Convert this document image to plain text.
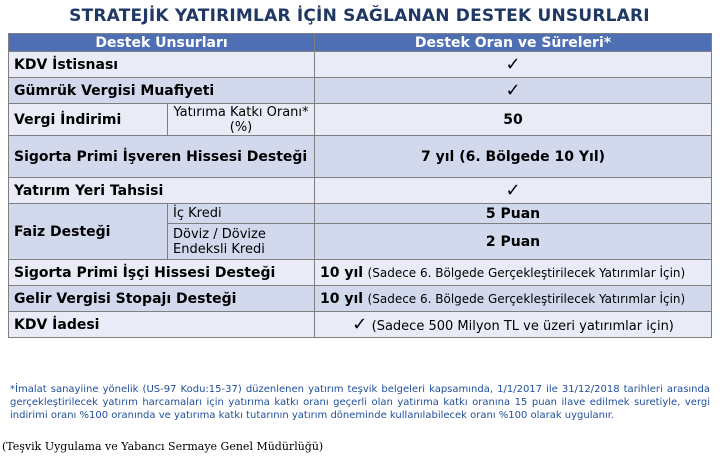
STRATEJİK YATIRIMLAR İÇİN SAĞLANAN DESTEK UNSURLARI
Destek Unsurları		Destek Oran ve Süreleri*
KDV İstisnası		✓
Gümrük Vergisi Muafiyeti		✓
Vergi İndirimi	Yatırıma Katkı Oranı* (%)	50
Sigorta Primi İşveren Hissesi Desteği		7 yıl (6. Bölgede 10 Yıl)
Yatırım Yeri Tahsisi		✓
Faiz Desteği	İç Kredi	5 Puan
	Döviz / Dövize Endeksli Kredi	2 Puan
Sigorta Primi İşçi Hissesi Desteği		10 yıl (Sadece 6. Bölgede Gerçekleştirilecek Yatırımlar İçin)
Gelir Vergisi Stopajı Desteği		10 yıl (Sadece 6. Bölgede Gerçekleştirilecek Yatırımlar İçin)
KDV İadesi		✓ (Sadece 500 Milyon TL ve üzeri yatırımlar için)
*İmalat sanayiine yönelik (US-97 Kodu:15-37) düzenlenen yatırım teşvik belgeleri kapsamında, 1/1/2017 ile 31/12/2018 tarihleri arasında gerçekleştirilecek yatırım harcamaları için yatırıma katkı oranı geçerli olan yatırıma katkı oranına 15 puan ilave edilmek suretiyle, vergi indirimi oranı %100 oranında ve yatırıma katkı tutarının yatırım döneminde kullanılabilecek oranı %100 olarak uygulanır.
(Teşvik Uygulama ve Yabancı Sermaye Genel Müdürlüğü)
